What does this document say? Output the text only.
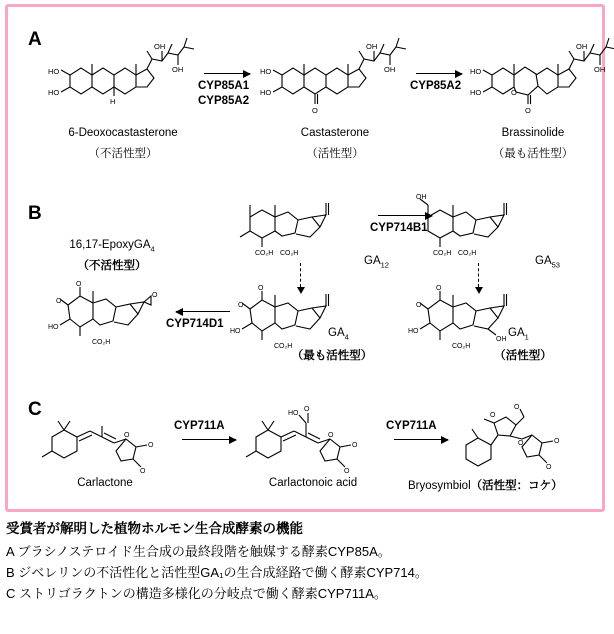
A
HO
HO
H
OH
OH
6-Deoxocastasterone
（不活性型）
CYP85A1
CYP85A2
HO
HO
OH
OH
O
Castasterone
（活性型）
CYP85A2
HO
HO
OH
OH
O
O
Brassinolide
（最も活性型）
B
CO₂H CO₂H
$GA_{12}$
CYP714B1
OH
CO₂H CO₂H
$GA_{53}$
O
HO
O
CO₂H
$GA_4$
（最も活性型）
O
HO
O
CO₂H
OH
$GA_1$
（活性型）
CYP714D1
O
HO
O
CO₂H
O
16,17-EpoxyGA$_4$
（不活性型）
C
O
O
O
Carlactone
CYP711A
O
HO
O
O
O
Carlactonoic acid
CYP711A
O
O
O	O
O
Bryosymbiol（活性型：コケ）
受賞者が解明した植物ホルモン生合成酵素の機能
A ブラシノステロイド生合成の最終段階を触媒する酵素CYP85A。
B ジベレリンの不活性化と活性型GA₁の生合成経路で働く酵素CYP714。
C ストリゴラクトンの構造多様化の分岐点で働く酵素CYP711A。
